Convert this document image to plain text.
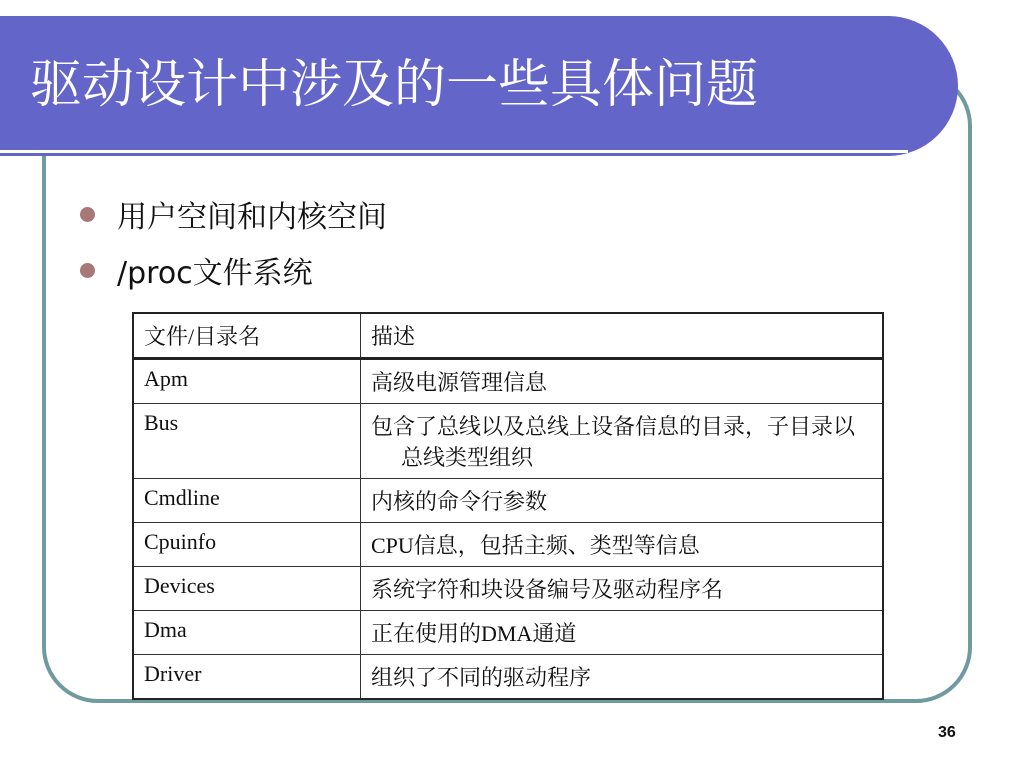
驱动设计中涉及的一些具体问题
用户空间和内核空间
/proc文件系统
文件/目录名	描述
Apm	高级电源管理信息

Bus	包含了总线以及总线上设备信息的目录，子目录以总线类型组织

Cmdline	内核的命令行参数

Cpuinfo	CPU信息，包括主频、类型等信息

Devices	系统字符和块设备编号及驱动程序名

Dma	正在使用的DMA通道

Driver	组织了不同的驱动程序
36
